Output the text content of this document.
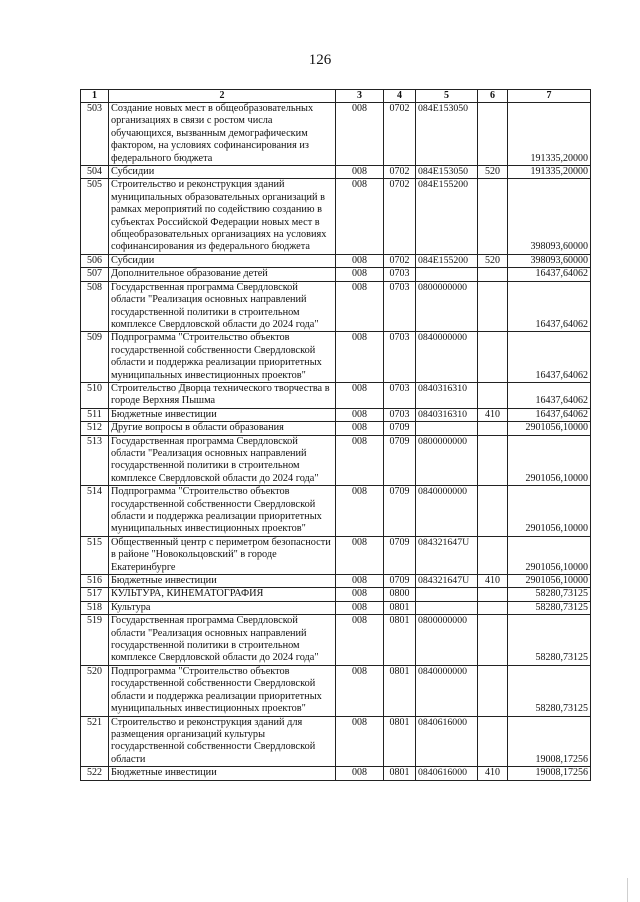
126
1	2	3	4	5	6	7
503	Создание новых мест в общеобразовательных организациях в связи с ростом числа обучающихся, вызванным демографическим фактором, на условиях софинансирования из федерального бюджета	008	0702	084E153050		191335,20000
504	Субсидии	008	0702	084E153050	520	191335,20000
505	Строительство и реконструкция зданий муниципальных образовательных организаций в рамках мероприятий по содействию созданию в субъектах Российской Федерации новых мест в общеобразовательных организациях на условиях софинансирования из федерального бюджета	008	0702	084E155200		398093,60000
506	Субсидии	008	0702	084E155200	520	398093,60000
507	Дополнительное образование детей	008	0703			16437,64062
508	Государственная программа Свердловской области "Реализация основных направлений государственной политики в строительном комплексе Свердловской области до 2024 года"	008	0703	0800000000		16437,64062
509	Подпрограмма "Строительство объектов государственной собственности Свердловской области и поддержка реализации приоритетных муниципальных инвестиционных проектов"	008	0703	0840000000		16437,64062
510	Строительство Дворца технического творчества в городе Верхняя Пышма	008	0703	0840316310		16437,64062
511	Бюджетные инвестиции	008	0703	0840316310	410	16437,64062
512	Другие вопросы в области образования	008	0709			2901056,10000
513	Государственная программа Свердловской области "Реализация основных направлений государственной политики в строительном комплексе Свердловской области до 2024 года"	008	0709	0800000000		2901056,10000
514	Подпрограмма "Строительство объектов государственной собственности Свердловской области и поддержка реализации приоритетных муниципальных инвестиционных проектов"	008	0709	0840000000		2901056,10000
515	Общественный центр с периметром безопасности в районе "Новокольцовский" в городе Екатеринбурге	008	0709	084321647U		2901056,10000
516	Бюджетные инвестиции	008	0709	084321647U	410	2901056,10000
517	КУЛЬТУРА, КИНЕМАТОГРАФИЯ	008	0800			58280,73125
518	Культура	008	0801			58280,73125
519	Государственная программа Свердловской области "Реализация основных направлений государственной политики в строительном комплексе Свердловской области до 2024 года"	008	0801	0800000000		58280,73125
520	Подпрограмма "Строительство объектов государственной собственности Свердловской области и поддержка реализации приоритетных муниципальных инвестиционных проектов"	008	0801	0840000000		58280,73125
521	Строительство и реконструкция зданий для размещения организаций культуры государственной собственности Свердловской области	008	0801	0840616000		19008,17256
522	Бюджетные инвестиции	008	0801	0840616000	410	19008,17256
